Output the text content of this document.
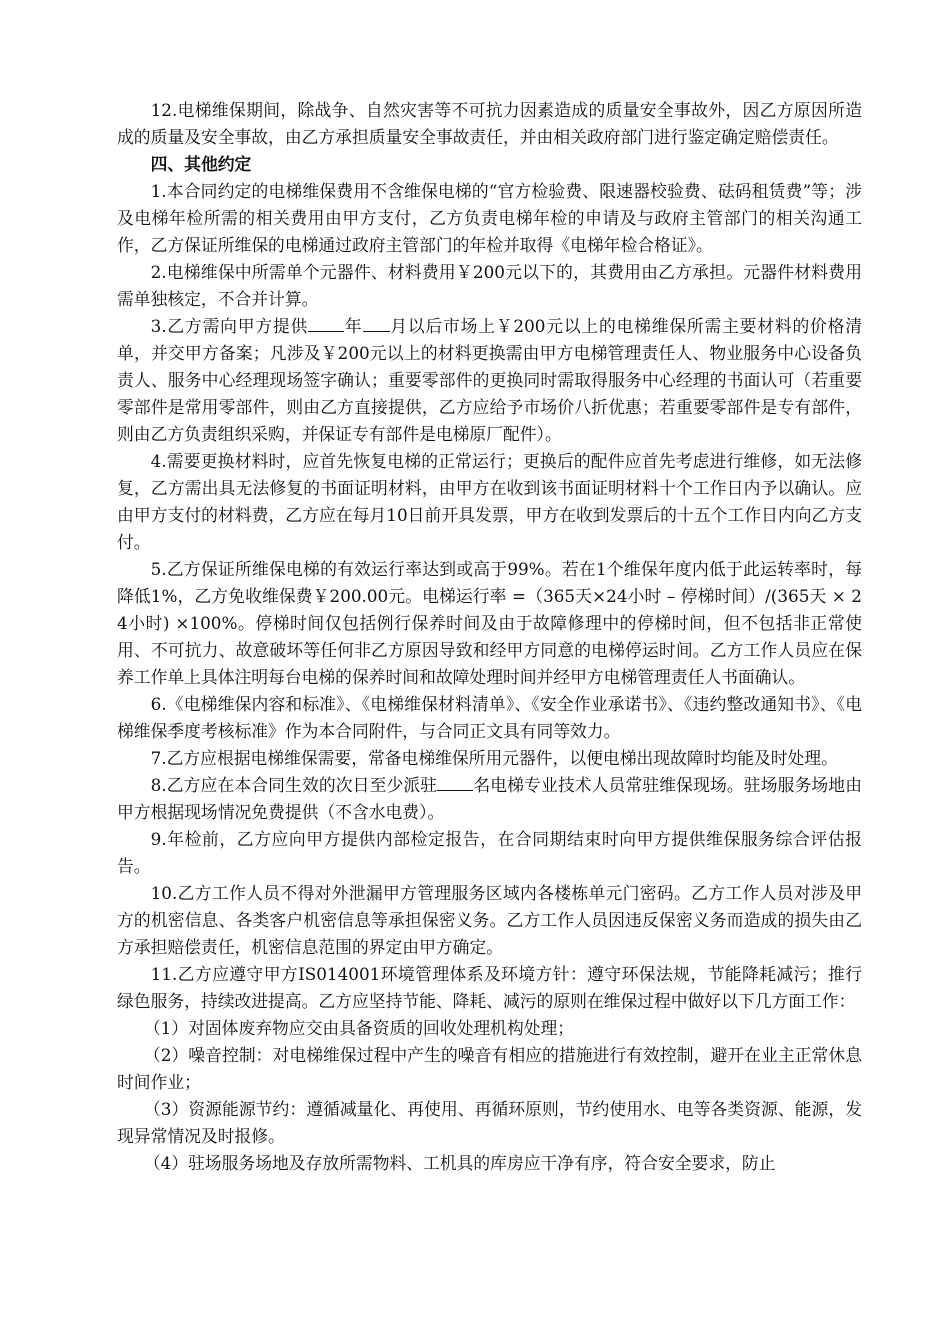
12.电梯维保期间，除战争、自然灾害等不可抗力因素造成的质量安全事故外，因乙方原因所造成的质量及安全事故，由乙方承担质量安全事故责任，并由相关政府部门进行鉴定确定赔偿责任。

四、其他约定

1.本合同约定的电梯维保费用不含维保电梯的“官方检验费、限速器校验费、砝码租赁费”等；涉及电梯年检所需的相关费用由甲方支付，乙方负责电梯年检的申请及与政府主管部门的相关沟通工作，乙方保证所维保的电梯通过政府主管部门的年检并取得《电梯年检合格证》。

2.电梯维保中所需单个元器件、材料费用￥200元以下的，其费用由乙方承担。元器件材料费用需单独核定，不合并计算。

3.乙方需向甲方提供 年 月以后市场上￥200元以上的电梯维保所需主要材料的价格清单，并交甲方备案；凡涉及￥200元以上的材料更换需由甲方电梯管理责任人、物业服务中心设备负责人、服务中心经理现场签字确认；重要零部件的更换同时需取得服务中心经理的书面认可（若重要零部件是常用零部件，则由乙方直接提供，乙方应给予市场价八折优惠；若重要零部件是专有部件，则由乙方负责组织采购，并保证专有部件是电梯原厂配件）。

4.需要更换材料时，应首先恢复电梯的正常运行；更换后的配件应首先考虑进行维修，如无法修复，乙方需出具无法修复的书面证明材料，由甲方在收到该书面证明材料十个工作日内予以确认。应由甲方支付的材料费，乙方应在每月10日前开具发票，甲方在收到发票后的十五个工作日内向乙方支付。

5.乙方保证所维保电梯的有效运行率达到或高于99%。若在1个维保年度内低于此运转率时，每降低1%，乙方免收维保费￥200.00元。电梯运行率 =（365天×24小时 – 停梯时间）/(365天 × 24小时) ×100%。停梯时间仅包括例行保养时间及由于故障修理中的停梯时间，但不包括非正常使用、不可抗力、故意破坏等任何非乙方原因导致和经甲方同意的电梯停运时间。乙方工作人员应在保养工作单上具体注明每台电梯的保养时间和故障处理时间并经甲方电梯管理责任人书面确认。

6.《电梯维保内容和标准》、《电梯维保材料清单》、《安全作业承诺书》、《违约整改通知书》、《电梯维保季度考核标准》作为本合同附件，与合同正文具有同等效力。

7.乙方应根据电梯维保需要，常备电梯维保所用元器件，以便电梯出现故障时均能及时处理。

8.乙方应在本合同生效的次日至少派驻 名电梯专业技术人员常驻维保现场。驻场服务场地由甲方根据现场情况免费提供（不含水电费）。

9.年检前，乙方应向甲方提供内部检定报告，在合同期结束时向甲方提供维保服务综合评估报告。

10.乙方工作人员不得对外泄漏甲方管理服务区域内各楼栋单元门密码。乙方工作人员对涉及甲方的机密信息、各类客户机密信息等承担保密义务。乙方工作人员因违反保密义务而造成的损失由乙方承担赔偿责任，机密信息范围的界定由甲方确定。

11.乙方应遵守甲方IS014001环境管理体系及环境方针：遵守环保法规，节能降耗减污；推行绿色服务，持续改进提高。乙方应坚持节能、降耗、减污的原则在维保过程中做好以下几方面工作：

（1）对固体废弃物应交由具备资质的回收处理机构处理；

（2）噪音控制：对电梯维保过程中产生的噪音有相应的措施进行有效控制，避开在业主正常休息时间作业；

（3）资源能源节约：遵循减量化、再使用、再循环原则，节约使用水、电等各类资源、能源，发现异常情况及时报修。

（4）驻场服务场地及存放所需物料、工机具的库房应干净有序，符合安全要求，防止
